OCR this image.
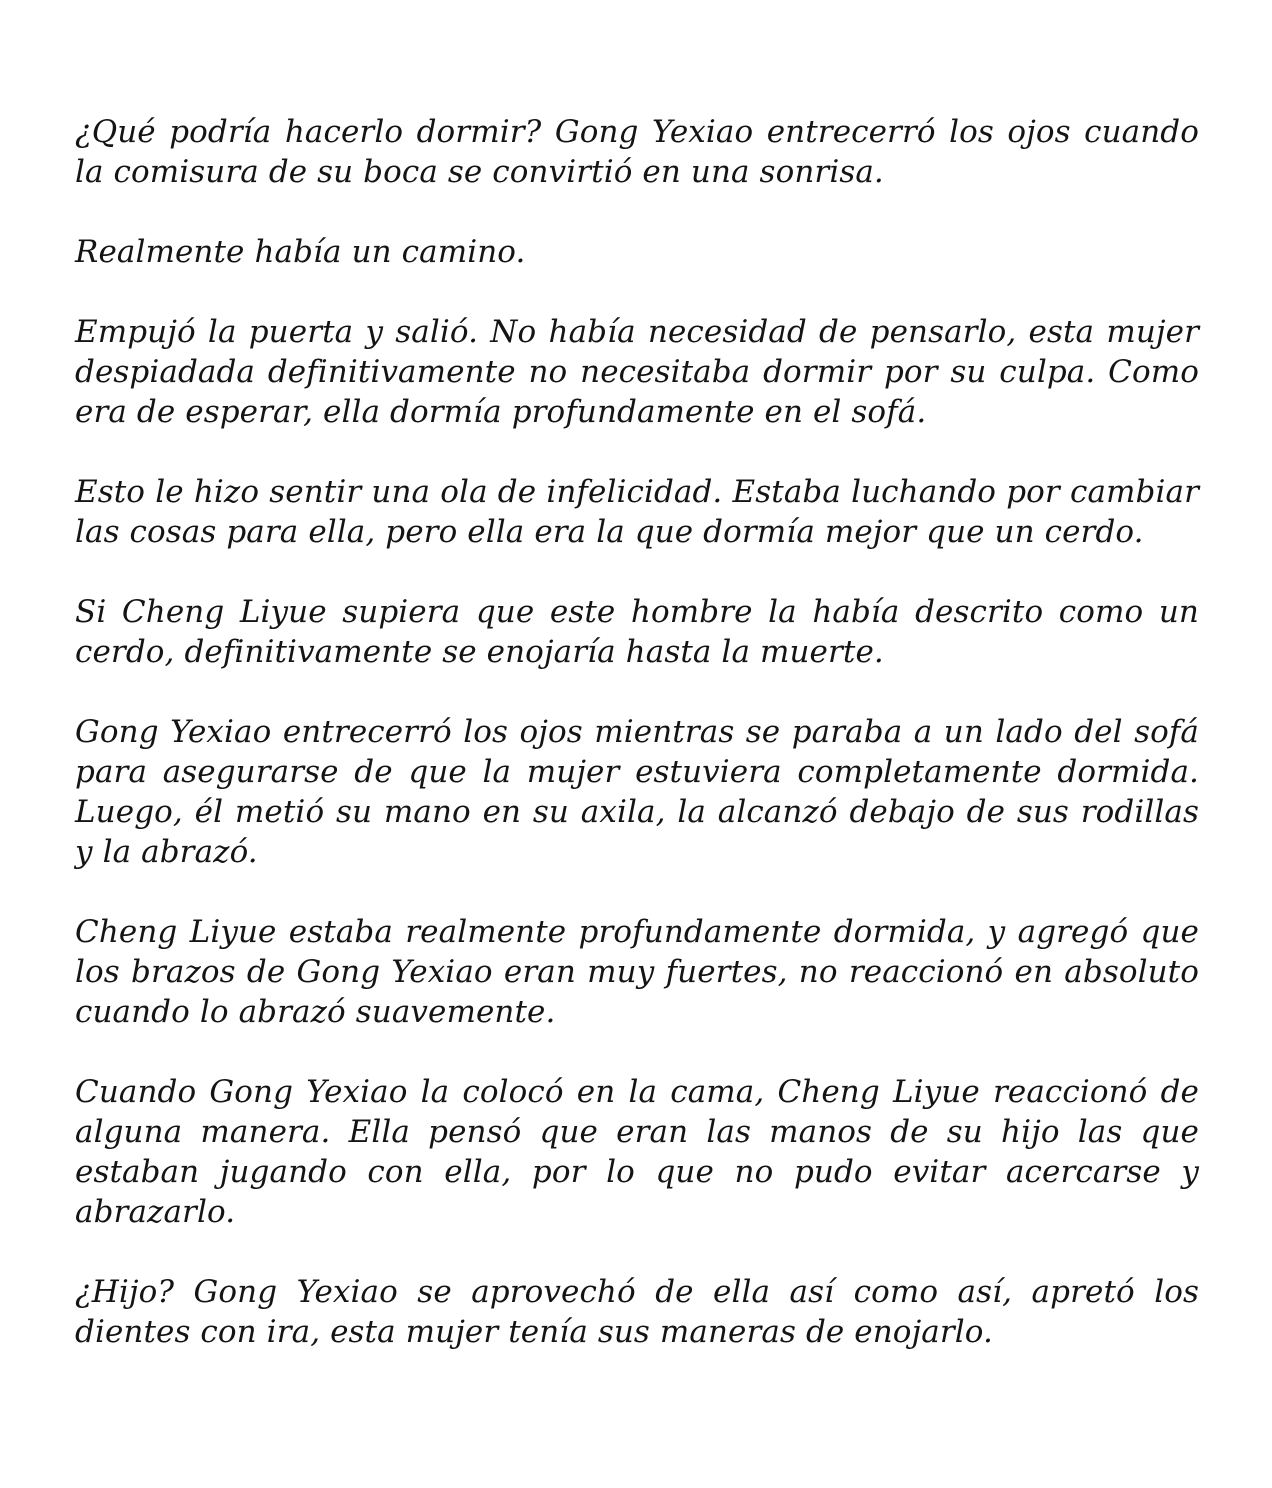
¿Qué podría hacerlo dormir? Gong Yexiao entrecerró los ojos cuando la comisura de su boca se convirtió en una sonrisa.

Realmente había un camino.

Empujó la puerta y salió. No había necesidad de pensarlo, esta mujer despiadada definitivamente no necesitaba dormir por su culpa. Como era de esperar, ella dormía profundamente en el sofá.

Esto le hizo sentir una ola de infelicidad. Estaba luchando por cambiar las cosas para ella, pero ella era la que dormía mejor que un cerdo.

Si Cheng Liyue supiera que este hombre la había descrito como un cerdo, definitivamente se enojaría hasta la muerte.

Gong Yexiao entrecerró los ojos mientras se paraba a un lado del sofá para asegurarse de que la mujer estuviera completamente dormida. Luego, él metió su mano en su axila, la alcanzó debajo de sus rodillas y la abrazó.

Cheng Liyue estaba realmente profundamente dormida, y agregó que los brazos de Gong Yexiao eran muy fuertes, no reaccionó en absoluto cuando lo abrazó suavemente.

Cuando Gong Yexiao la colocó en la cama, Cheng Liyue reaccionó de alguna manera. Ella pensó que eran las manos de su hijo las que estaban jugando con ella, por lo que no pudo evitar acercarse y abrazarlo.

¿Hijo? Gong Yexiao se aprovechó de ella así como así, apretó los dientes con ira, esta mujer tenía sus maneras de enojarlo.
